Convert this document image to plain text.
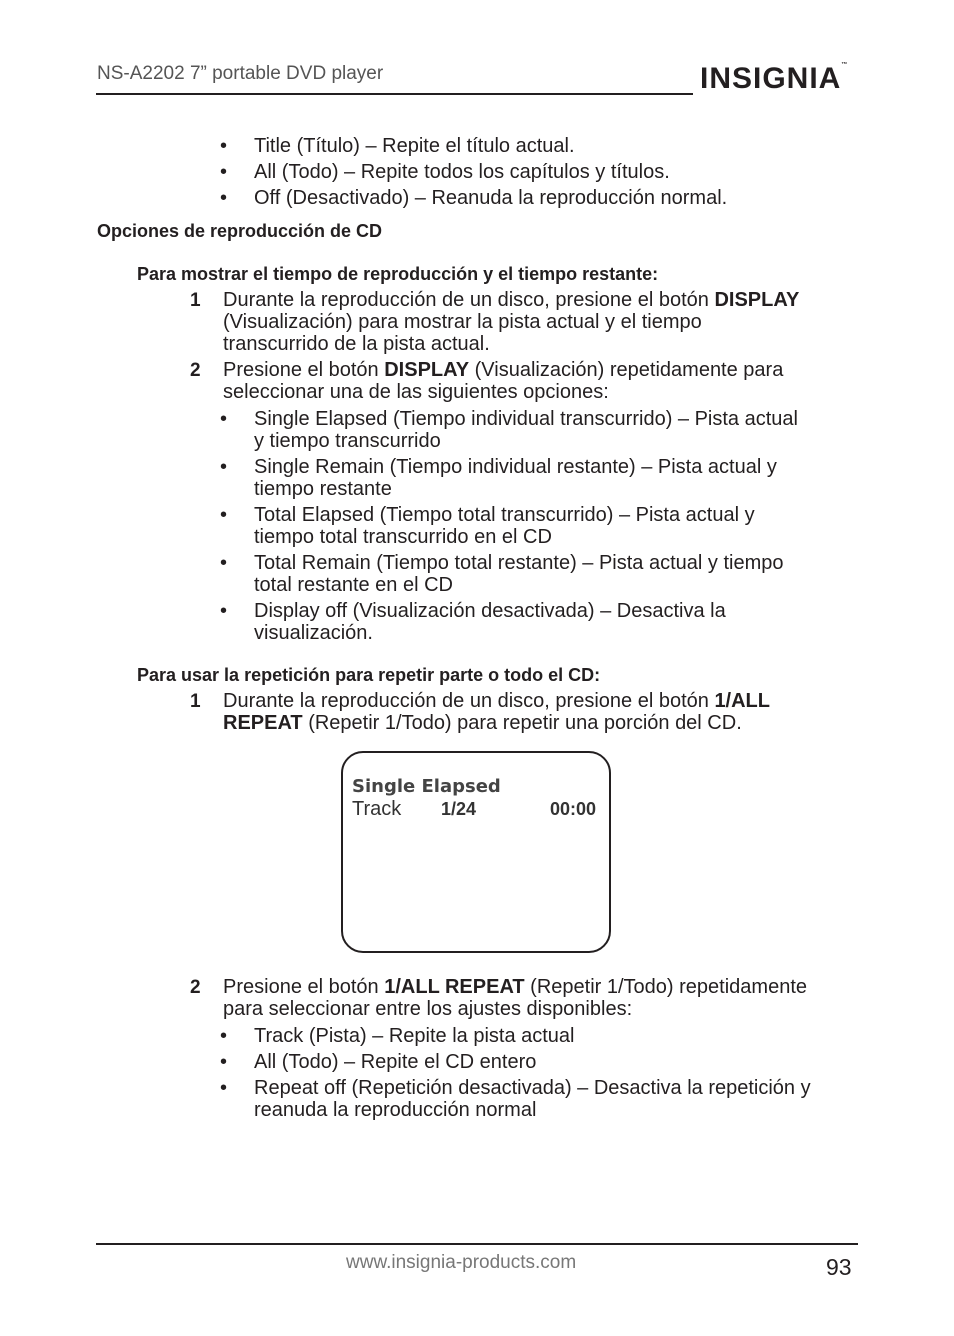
NS-A2202 7” portable DVD player	INSIGNIA™
• Title (Título) – Repite el título actual.
• All (Todo) – Repite todos los capítulos y títulos.
• Off (Desactivado) – Reanuda la reproducción normal.
Opciones de reproducción de CD
Para mostrar el tiempo de reproducción y el tiempo restante:
1 Durante la reproducción de un disco, presione el botón DISPLAY
(Visualización) para mostrar la pista actual y el tiempo
transcurrido de la pista actual.
2 Presione el botón DISPLAY (Visualización) repetidamente para
seleccionar una de las siguientes opciones:
• Single Elapsed (Tiempo individual transcurrido) – Pista actual
y tiempo transcurrido
• Single Remain (Tiempo individual restante) – Pista actual y
tiempo restante
• Total Elapsed (Tiempo total transcurrido) – Pista actual y
tiempo total transcurrido en el CD
• Total Remain (Tiempo total restante) – Pista actual y tiempo
total restante en el CD
• Display off (Visualización desactivada) – Desactiva la
visualización.
Para usar la repetición para repetir parte o todo el CD:
1 Durante la reproducción de un disco, presione el botón 1/ALL
REPEAT (Repetir 1/Todo) para repetir una porción del CD.
Single Elapsed
Track 1/24	00:00
2 Presione el botón 1/ALL REPEAT (Repetir 1/Todo) repetidamente
para seleccionar entre los ajustes disponibles:
• Track (Pista) – Repite la pista actual
• All (Todo) – Repite el CD entero
• Repeat off (Repetición desactivada) – Desactiva la repetición y
reanuda la reproducción normal
www.insignia-products.com	93
